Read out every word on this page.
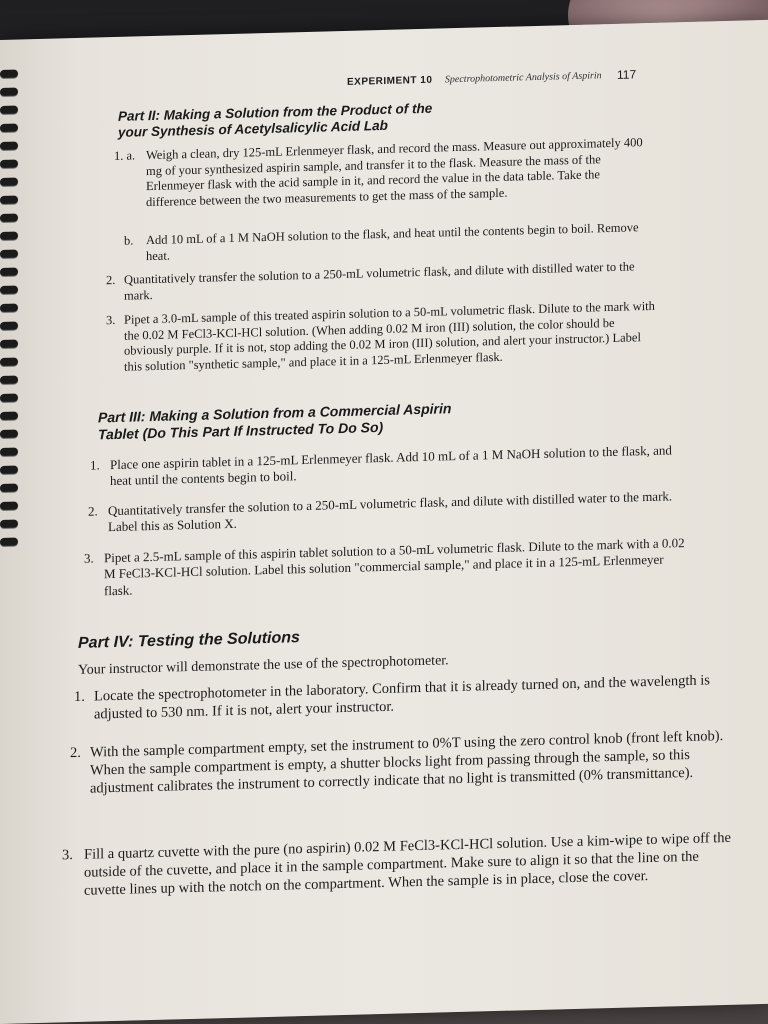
EXPERIMENT 10 Spectrophotometric Analysis of Aspirin 117
Part II: Making a Solution from the Product of the
your Synthesis of Acetylsalicylic Acid Lab
1. a. Weigh a clean, dry 125-mL Erlenmeyer flask, and record the mass. Measure out approximately 400 mg of your synthesized aspirin sample, and transfer it to the flask. Measure the mass of the Erlenmeyer flask with the acid sample in it, and record the value in the data table. Take the difference between the two measurements to get the mass of the sample.
b. Add 10 mL of a 1 M NaOH solution to the flask, and heat until the contents begin to boil. Remove heat.
2. Quantitatively transfer the solution to a 250-mL volumetric flask, and dilute with distilled water to the mark.
3. Pipet a 3.0-mL sample of this treated aspirin solution to a 50-mL volumetric flask. Dilute to the mark with the 0.02 M FeCl3-KCl-HCl solution. (When adding 0.02 M iron (III) solution, the color should be obviously purple. If it is not, stop adding the 0.02 M iron (III) solution, and alert your instructor.) Label this solution "synthetic sample," and place it in a 125-mL Erlenmeyer flask.
Part III: Making a Solution from a Commercial Aspirin
Tablet (Do This Part If Instructed To Do So)
1. Place one aspirin tablet in a 125-mL Erlenmeyer flask. Add 10 mL of a 1 M NaOH solution to the flask, and heat until the contents begin to boil.
2. Quantitatively transfer the solution to a 250-mL volumetric flask, and dilute with distilled water to the mark. Label this as Solution X.
3. Pipet a 2.5-mL sample of this aspirin tablet solution to a 50-mL volumetric flask. Dilute to the mark with a 0.02 M FeCl3-KCl-HCl solution. Label this solution "commercial sample," and place it in a 125-mL Erlenmeyer flask.
Part IV: Testing the Solutions
Your instructor will demonstrate the use of the spectrophotometer.
1. Locate the spectrophotometer in the laboratory. Confirm that it is already turned on, and the wavelength is adjusted to 530 nm. If it is not, alert your instructor.
2. With the sample compartment empty, set the instrument to 0%T using the zero control knob (front left knob). When the sample compartment is empty, a shutter blocks light from passing through the sample, so this adjustment calibrates the instrument to correctly indicate that no light is transmitted (0% transmittance).
3. Fill a quartz cuvette with the pure (no aspirin) 0.02 M FeCl3-KCl-HCl solution. Use a kim-wipe to wipe off the outside of the cuvette, and place it in the sample compartment. Make sure to align it so that the line on the cuvette lines up with the notch on the compartment. When the sample is in place, close the cover.
